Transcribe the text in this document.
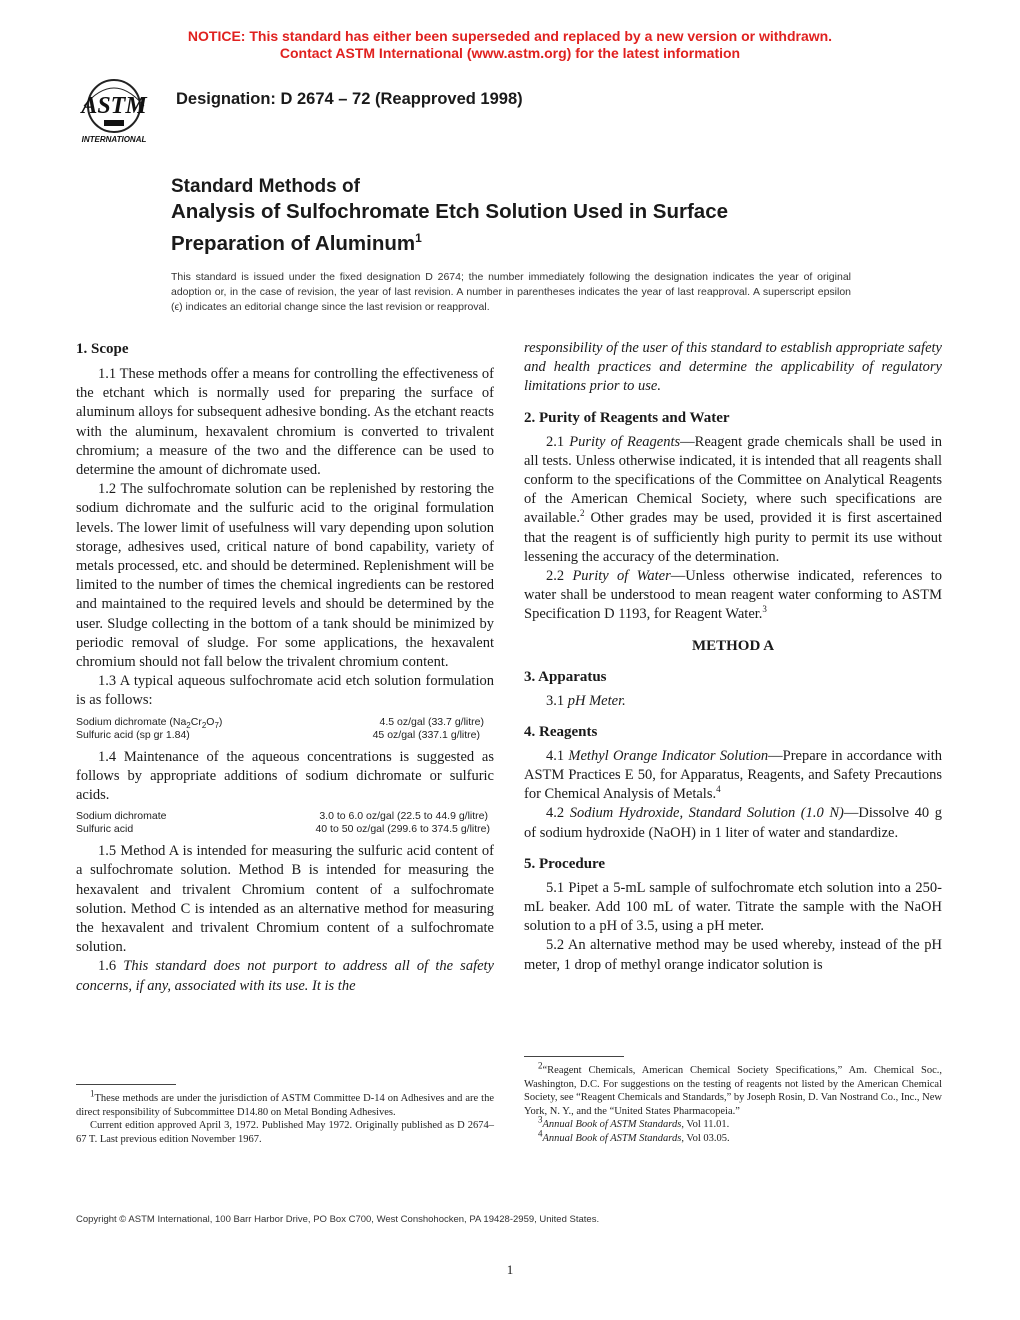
NOTICE: This standard has either been superseded and replaced by a new version or withdrawn.
Contact ASTM International (www.astm.org) for the latest information
ASTM
INTERNATIONAL
Designation: D 2674 – 72 (Reapproved 1998)
Standard Methods of
Analysis of Sulfochromate Etch Solution Used in Surface
Preparation of Aluminum$^1$
This standard is issued under the fixed designation D 2674; the number immediately following the designation indicates the year of original adoption or, in the case of revision, the year of last revision. A number in parentheses indicates the year of last reapproval. A superscript epsilon (ϵ) indicates an editorial change since the last revision or reapproval.
1. Scope

1.1 These methods offer a means for controlling the effectiveness of the etchant which is normally used for preparing the surface of aluminum alloys for subsequent adhesive bonding. As the etchant reacts with the aluminum, hexavalent chromium is converted to trivalent chromium; a measure of the two and the difference can be used to determine the amount of dichromate used.

1.2 The sulfochromate solution can be replenished by restoring the sodium dichromate and the sulfuric acid to the original formulation levels. The lower limit of usefulness will vary depending upon solution storage, adhesives used, critical nature of bond capability, variety of metals processed, etc. and should be determined. Replenishment will be limited to the number of times the chemical ingredients can be restored and maintained to the required levels and should be determined by the user. Sludge collecting in the bottom of a tank should be minimized by periodic removal of sludge. For some applications, the hexavalent chromium should not fall below the trivalent chromium content.

1.3 A typical aqueous sulfochromate acid etch solution formulation is as follows:

Sodium dichromate $(Na_2Cr_2O_7)$	4.5 oz/gal (33.7 g/litre)
Sulfuric acid (sp gr 1.84)	45 oz/gal (337.1 g/litre)

1.4 Maintenance of the aqueous concentrations is suggested as follows by appropriate additions of sodium dichromate or sulfuric acids.

Sodium dichromate	3.0 to 6.0 oz/gal (22.5 to 44.9 g/litre)
Sulfuric acid	40 to 50 oz/gal (299.6 to 374.5 g/litre)

1.5 Method A is intended for measuring the sulfuric acid content of a sulfochromate solution. Method B is intended for measuring the hexavalent and trivalent Chromium content of a sulfochromate solution. Method C is intended as an alternative method for measuring the hexavalent and trivalent Chromium content of a sulfochromate solution.

1.6 This standard does not purport to address all of the safety concerns, if any, associated with its use. It is the

1These methods are under the jurisdiction of ASTM Committee D-14 on Adhesives and are the direct responsibility of Subcommittee D14.80 on Metal Bonding Adhesives.

Current edition approved April 3, 1972. Published May 1972. Originally published as D 2674–67 T. Last previous edition November 1967.

responsibility of the user of this standard to establish appropriate safety and health practices and determine the applicability of regulatory limitations prior to use.

2. Purity of Reagents and Water

2.1 Purity of Reagents—Reagent grade chemicals shall be used in all tests. Unless otherwise indicated, it is intended that all reagents shall conform to the specifications of the Committee on Analytical Reagents of the American Chemical Society, where such specifications are available.$^2$ Other grades may be used, provided it is first ascertained that the reagent is of sufficiently high purity to permit its use without lessening the accuracy of the determination.

2.2 Purity of Water—Unless otherwise indicated, references to water shall be understood to mean reagent water conforming to ASTM Specification D 1193, for Reagent Water.$^3$

METHOD A
3. Apparatus

3.1 pH Meter.

4. Reagents

4.1 Methyl Orange Indicator Solution—Prepare in accordance with ASTM Practices E 50, for Apparatus, Reagents, and Safety Precautions for Chemical Analysis of Metals.$^4$

4.2 Sodium Hydroxide, Standard Solution (1.0 N)—Dissolve 40 g of sodium hydroxide (NaOH) in 1 liter of water and standardize.

5. Procedure

5.1 Pipet a 5-mL sample of sulfochromate etch solution into a 250-mL beaker. Add 100 mL of water. Titrate the sample with the NaOH solution to a pH of 3.5, using a pH meter.

5.2 An alternative method may be used whereby, instead of the pH meter, 1 drop of methyl orange indicator solution is

2“Reagent Chemicals, American Chemical Society Specifications,” Am. Chemical Soc., Washington, D.C. For suggestions on the testing of reagents not listed by the American Chemical Society, see “Reagent Chemicals and Standards,” by Joseph Rosin, D. Van Nostrand Co., Inc., New York, N. Y., and the “United States Pharmacopeia.”

3Annual Book of ASTM Standards, Vol 11.01.

4Annual Book of ASTM Standards, Vol 03.05.

Copyright © ASTM International, 100 Barr Harbor Drive, PO Box C700, West Conshohocken, PA 19428-2959, United States.
1
